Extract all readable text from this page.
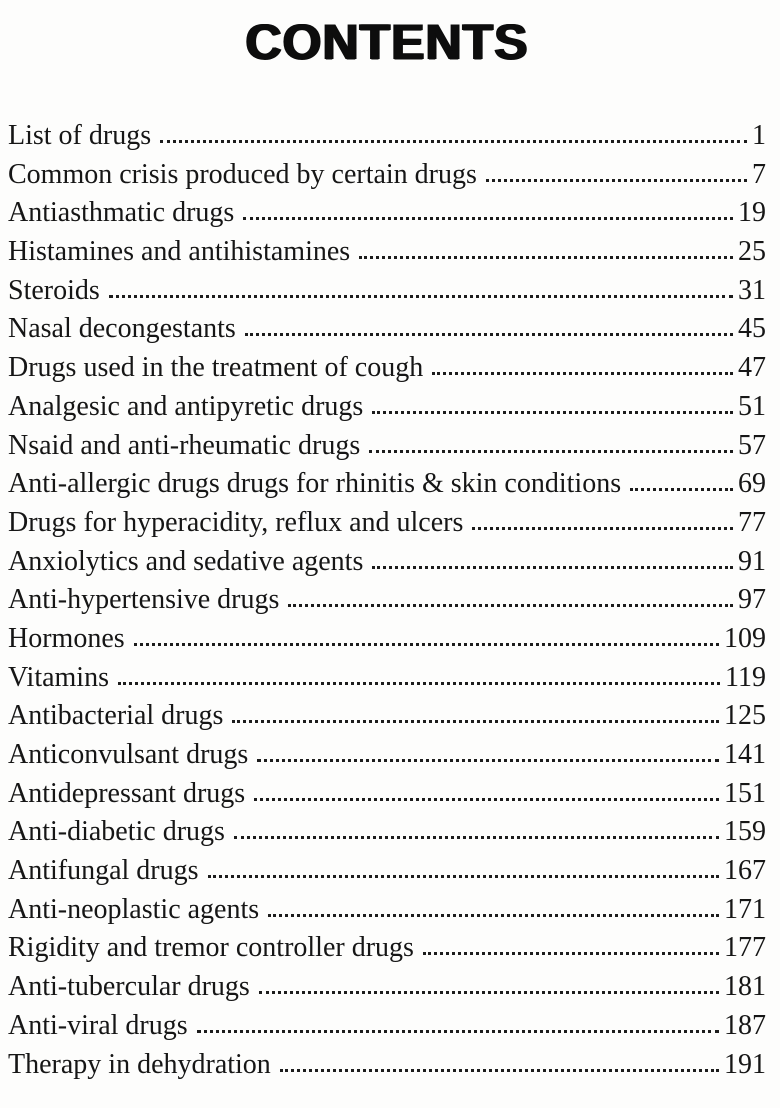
CONTENTS
List of drugs	1
Common crisis produced by certain drugs	7
Antiasthmatic drugs	19
Histamines and antihistamines	25
Steroids	31
Nasal decongestants	45
Drugs used in the treatment of cough	47
Analgesic and antipyretic drugs	51
Nsaid and anti-rheumatic drugs	57
Anti-allergic drugs drugs for rhinitis & skin conditions	69
Drugs for hyperacidity, reflux and ulcers	77
Anxiolytics and sedative agents	91
Anti-hypertensive drugs	97
Hormones	109
Vitamins	119
Antibacterial drugs	125
Anticonvulsant drugs	141
Antidepressant drugs	151
Anti-diabetic drugs	159
Antifungal drugs	167
Anti-neoplastic agents	171
Rigidity and tremor controller drugs	177
Anti-tubercular drugs	181
Anti-viral drugs	187
Therapy in dehydration	191
